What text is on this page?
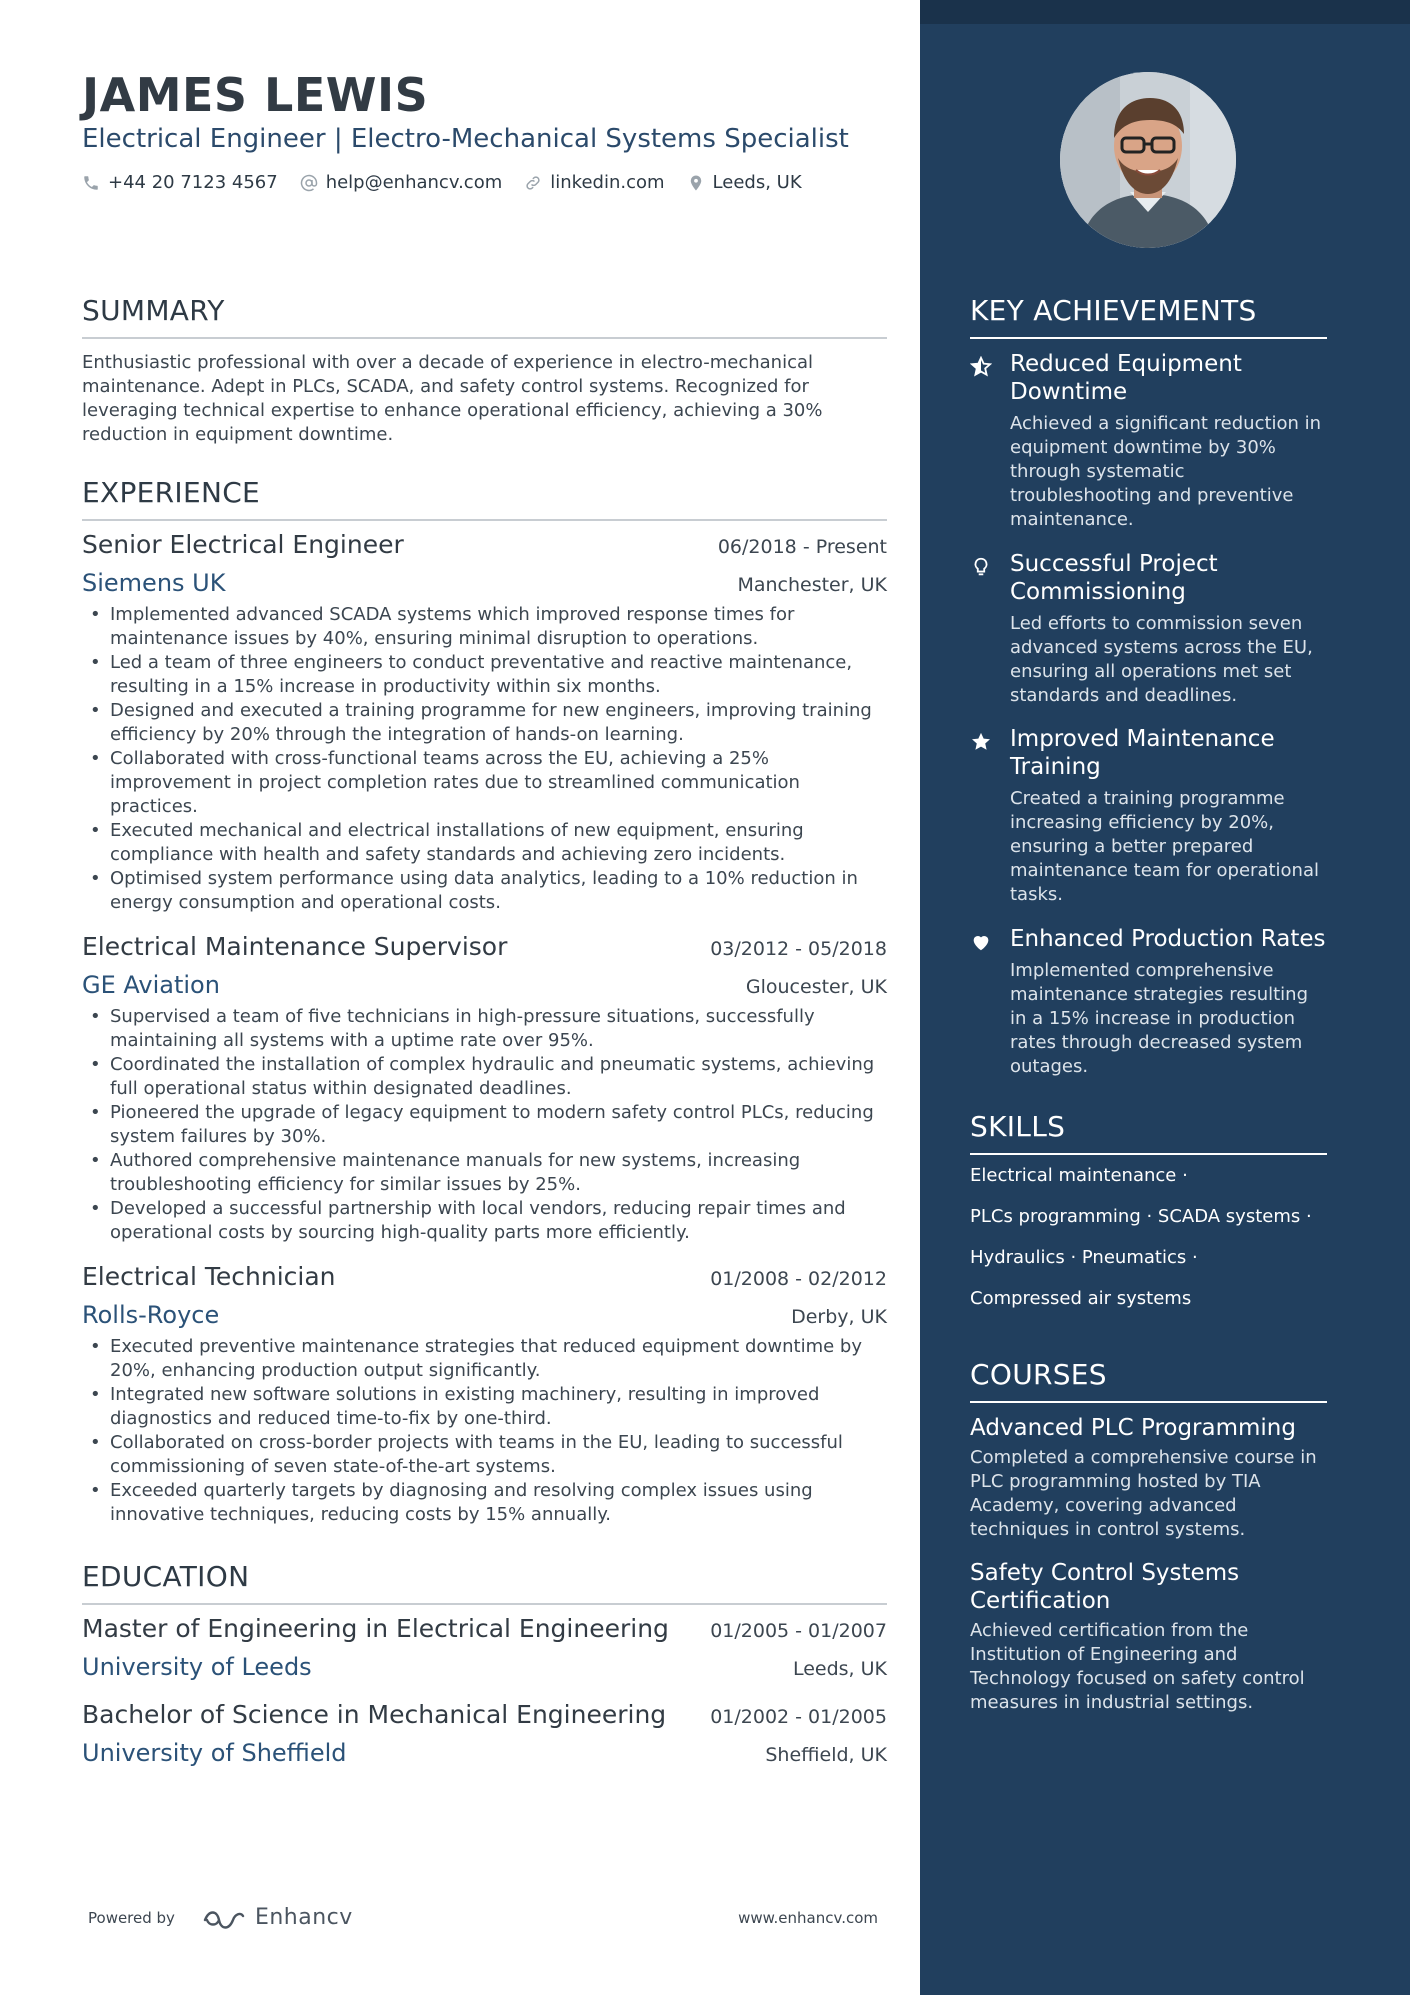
JAMES LEWIS
Electrical Engineer | Electro-Mechanical Systems Specialist
+44 20 7123 4567	help@enhancv.com	linkedin.com	Leeds, UK
SUMMARY
Enthusiastic professional with over a decade of experience in electro-mechanical maintenance. Adept in PLCs, SCADA, and safety control systems. Recognized for leveraging technical expertise to enhance operational efficiency, achieving a 30% reduction in equipment downtime.
EXPERIENCE
Senior Electrical Engineer	06/2018 - Present
Siemens UK	Manchester, UK
• Implemented advanced SCADA systems which improved response times for maintenance issues by 40%, ensuring minimal disruption to operations.
• Led a team of three engineers to conduct preventative and reactive maintenance, resulting in a 15% increase in productivity within six months.
• Designed and executed a training programme for new engineers, improving training efficiency by 20% through the integration of hands-on learning.
• Collaborated with cross-functional teams across the EU, achieving a 25% improvement in project completion rates due to streamlined communication practices.
• Executed mechanical and electrical installations of new equipment, ensuring compliance with health and safety standards and achieving zero incidents.
• Optimised system performance using data analytics, leading to a 10% reduction in energy consumption and operational costs.
Electrical Maintenance Supervisor	03/2012 - 05/2018
GE Aviation	Gloucester, UK
• Supervised a team of five technicians in high-pressure situations, successfully maintaining all systems with a uptime rate over 95%.
• Coordinated the installation of complex hydraulic and pneumatic systems, achieving full operational status within designated deadlines.
• Pioneered the upgrade of legacy equipment to modern safety control PLCs, reducing system failures by 30%.
• Authored comprehensive maintenance manuals for new systems, increasing troubleshooting efficiency for similar issues by 25%.
• Developed a successful partnership with local vendors, reducing repair times and operational costs by sourcing high-quality parts more efficiently.
Electrical Technician	01/2008 - 02/2012
Rolls-Royce	Derby, UK
• Executed preventive maintenance strategies that reduced equipment downtime by 20%, enhancing production output significantly.
• Integrated new software solutions in existing machinery, resulting in improved diagnostics and reduced time-to-fix by one-third.
• Collaborated on cross-border projects with teams in the EU, leading to successful commissioning of seven state-of-the-art systems.
• Exceeded quarterly targets by diagnosing and resolving complex issues using innovative techniques, reducing costs by 15% annually.
EDUCATION
Master of Engineering in Electrical Engineering 01/2005 - 01/2007
University of Leeds	Leeds, UK
Bachelor of Science in Mechanical Engineering 01/2002 - 01/2005
University of Sheffield	Sheffield, UK
Powered by	Enhancv	www.enhancv.com
KEY ACHIEVEMENTS
Reduced Equipment Downtime
Achieved a significant reduction in equipment downtime by 30% through systematic troubleshooting and preventive maintenance.
Successful Project Commissioning
Led efforts to commission seven advanced systems across the EU, ensuring all operations met set standards and deadlines.
Improved Maintenance Training
Created a training programme increasing efficiency by 20%, ensuring a better prepared maintenance team for operational tasks.
Enhanced Production Rates
Implemented comprehensive maintenance strategies resulting in a 15% increase in production rates through decreased system outages.
SKILLS
Electrical maintenance ·
PLCs programming · SCADA systems ·
Hydraulics · Pneumatics ·
Compressed air systems
COURSES
Advanced PLC Programming
Completed a comprehensive course in PLC programming hosted by TIA Academy, covering advanced techniques in control systems.
Safety Control Systems Certification
Achieved certification from the Institution of Engineering and Technology focused on safety control measures in industrial settings.
